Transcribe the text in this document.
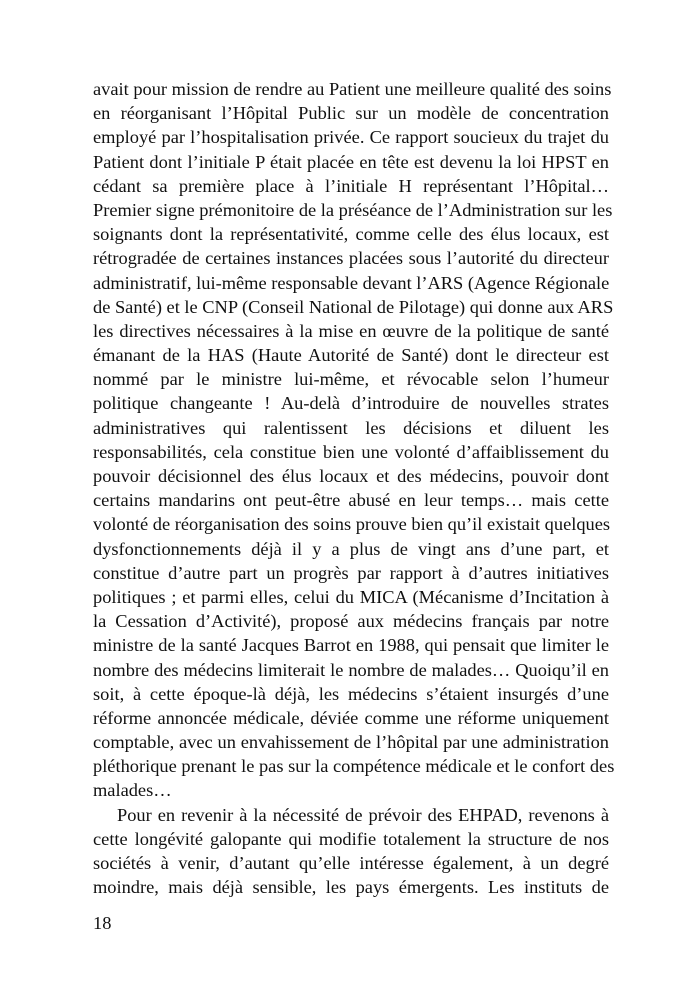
avait pour mission de rendre au Patient une meilleure qualité des soins
en réorganisant l’Hôpital Public sur un modèle de concentration
employé par l’hospitalisation privée. Ce rapport soucieux du trajet du
Patient dont l’initiale P était placée en tête est devenu la loi HPST en
cédant sa première place à l’initiale H représentant l’Hôpital…
Premier signe prémonitoire de la préséance de l’Administration sur les
soignants dont la représentativité, comme celle des élus locaux, est
rétrogradée de certaines instances placées sous l’autorité du directeur
administratif, lui-même responsable devant l’ARS (Agence Régionale
de Santé) et le CNP (Conseil National de Pilotage) qui donne aux ARS
les directives nécessaires à la mise en œuvre de la politique de santé
émanant de la HAS (Haute Autorité de Santé) dont le directeur est
nommé par le ministre lui-même, et révocable selon l’humeur
politique changeante ! Au-delà d’introduire de nouvelles strates
administratives qui ralentissent les décisions et diluent les
responsabilités, cela constitue bien une volonté d’affaiblissement du
pouvoir décisionnel des élus locaux et des médecins, pouvoir dont
certains mandarins ont peut-être abusé en leur temps… mais cette
volonté de réorganisation des soins prouve bien qu’il existait quelques
dysfonctionnements déjà il y a plus de vingt ans d’une part, et
constitue d’autre part un progrès par rapport à d’autres initiatives
politiques ; et parmi elles, celui du MICA (Mécanisme d’Incitation à
la Cessation d’Activité), proposé aux médecins français par notre
ministre de la santé Jacques Barrot en 1988, qui pensait que limiter le
nombre des médecins limiterait le nombre de malades… Quoiqu’il en
soit, à cette époque-là déjà, les médecins s’étaient insurgés d’une
réforme annoncée médicale, déviée comme une réforme uniquement
comptable, avec un envahissement de l’hôpital par une administration
pléthorique prenant le pas sur la compétence médicale et le confort des
malades…
Pour en revenir à la nécessité de prévoir des EHPAD, revenons à
cette longévité galopante qui modifie totalement la structure de nos
sociétés à venir, d’autant qu’elle intéresse également, à un degré
moindre, mais déjà sensible, les pays émergents. Les instituts de
18
